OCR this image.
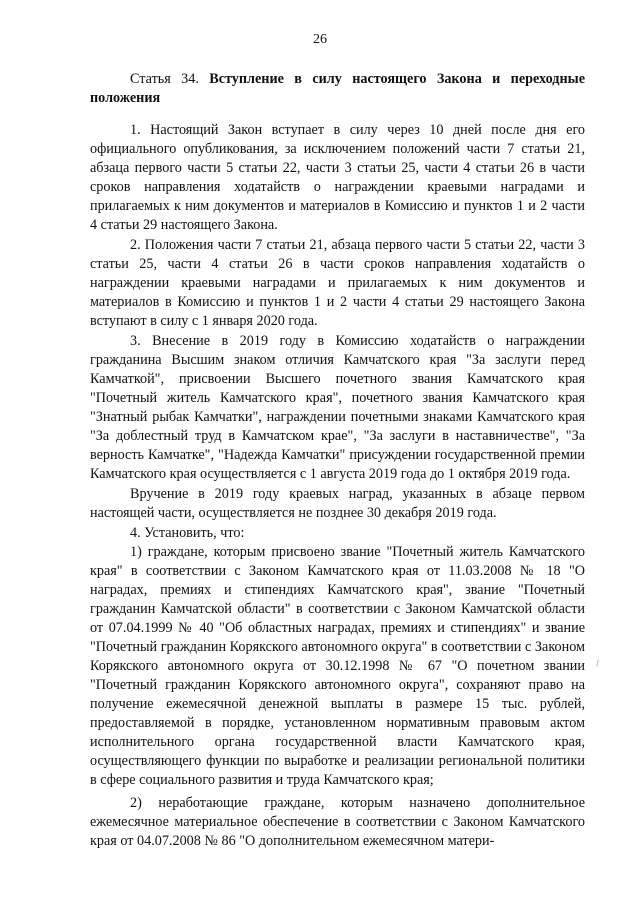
26
Статья 34. Вступление в силу настоящего Закона и переходные положения

1. Настоящий Закон вступает в силу через 10 дней после дня его официального опубликования, за исключением положений части 7 статьи 21, абзаца первого части 5 статьи 22, части 3 статьи 25, части 4 статьи 26 в части сроков направления ходатайств о награждении краевыми наградами и прилагаемых к ним документов и материалов в Комиссию и пунктов 1 и 2 части 4 статьи 29 настоящего Закона.

2. Положения части 7 статьи 21, абзаца первого части 5 статьи 22, части 3 статьи 25, части 4 статьи 26 в части сроков направления ходатайств о награждении краевыми наградами и прилагаемых к ним документов и материалов в Комиссию и пунктов 1 и 2 части 4 статьи 29 настоящего Закона вступают в силу с 1 января 2020 года.

3. Внесение в 2019 году в Комиссию ходатайств о награждении гражданина Высшим знаком отличия Камчатского края "За заслуги перед Камчаткой", присвоении Высшего почетного звания Камчатского края "Почетный житель Камчатского края", почетного звания Камчатского края "Знатный рыбак Камчатки", награждении почетными знаками Камчатского края "За доблестный труд в Камчатском крае", "За заслуги в наставничестве", "За верность Камчатке", "Надежда Камчатки" присуждении государственной премии Камчатского края осуществляется с 1 августа 2019 года до 1 октября 2019 года.

Вручение в 2019 году краевых наград, указанных в абзаце первом настоящей части, осуществляется не позднее 30 декабря 2019 года.

4. Установить, что:

1) граждане, которым присвоено звание "Почетный житель Камчатского края" в соответствии с Законом Камчатского края от 11.03.2008 № 18 "О наградах, премиях и стипендиях Камчатского края", звание "Почетный гражданин Камчатской области" в соответствии с Законом Камчатской области от 07.04.1999 № 40 "Об областных наградах, премиях и стипендиях" и звание "Почетный гражданин Корякского автономного округа" в соответствии с Законом Корякского автономного округа от 30.12.1998 № 67 "О почетном звании "Почетный гражданин Корякского автономного округа", сохраняют право на получение ежемесячной денежной выплаты в размере 15 тыс. рублей, предоставляемой в порядке, установленном нормативным правовым актом исполнительного органа государственной власти Камчатского края, осуществляющего функции по выработке и реализации региональной политики в сфере социального развития и труда Камчатского края;

2) неработающие граждане, которым назначено дополнительное ежемесячное материальное обеспечение в соответствии с Законом Камчатского края от 04.07.2008 № 86 "О дополнительном ежемесячном матери-
